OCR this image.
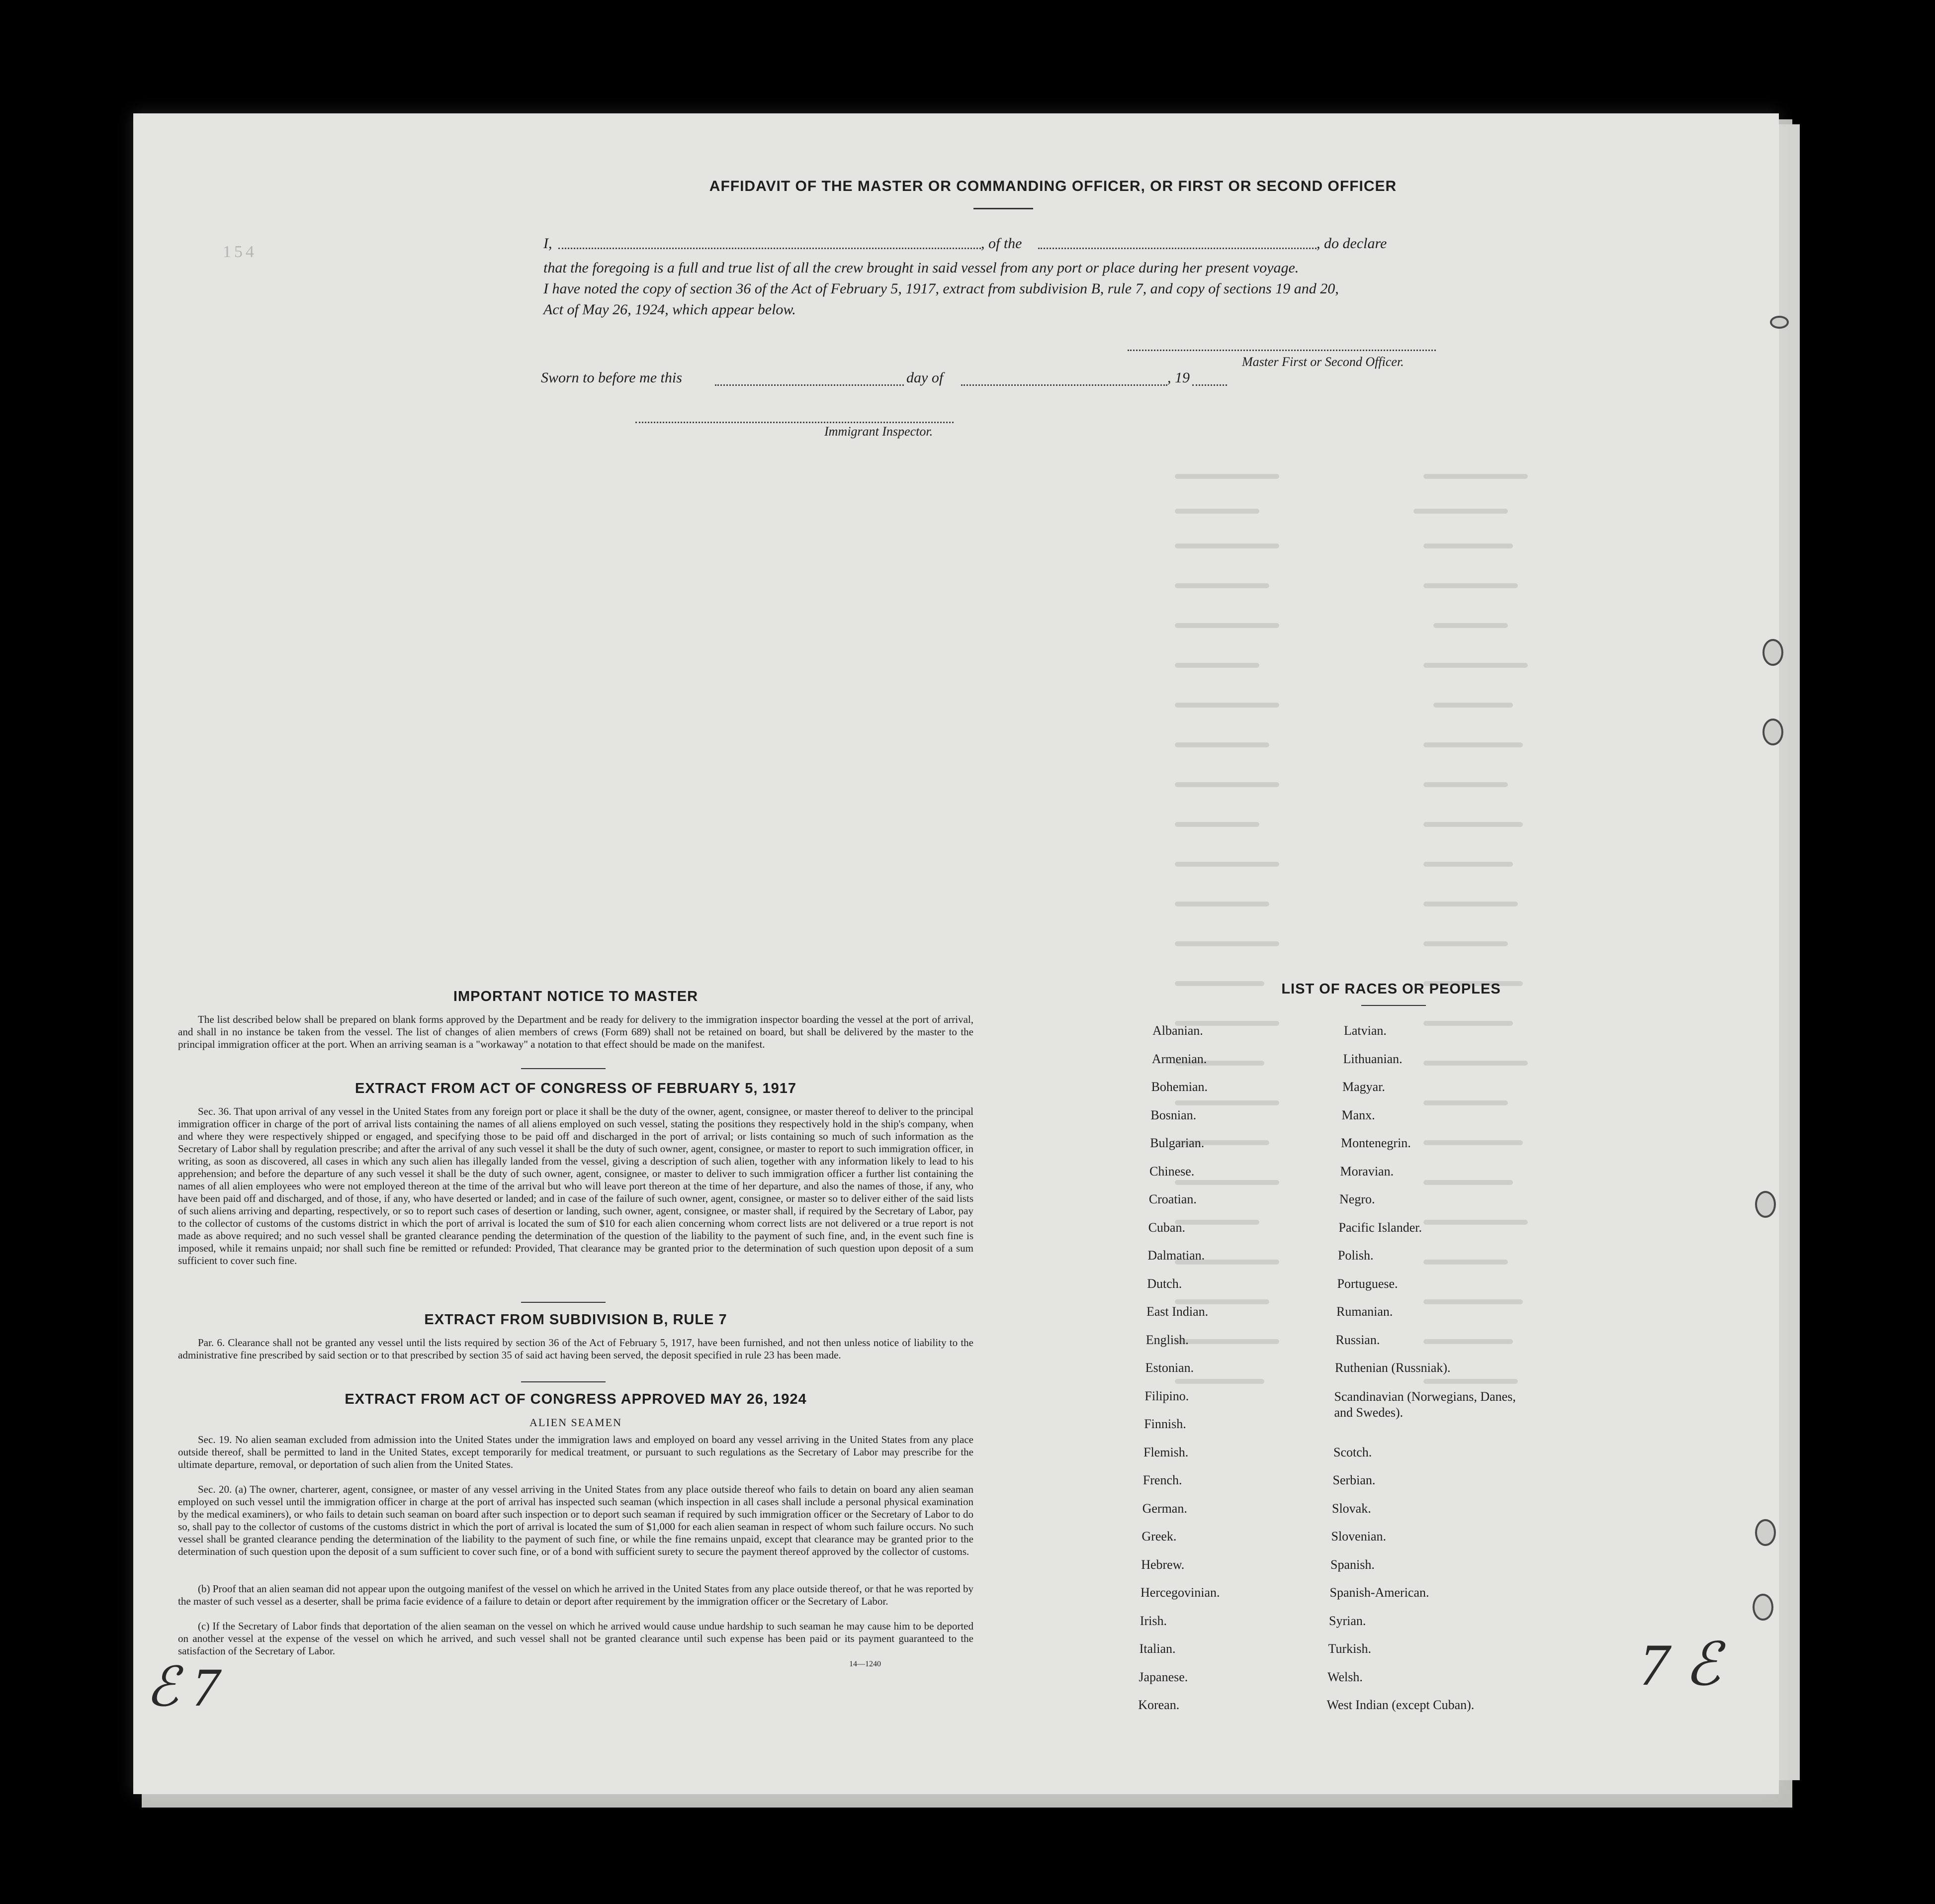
AFFIDAVIT OF THE MASTER OR COMMANDING OFFICER, OR FIRST OR SECOND OFFICER
154	I,	, of the	, do declare
that the foregoing is a full and true list of all the crew brought in said vessel from any port or place during her present voyage.
I have noted the copy of section 36 of the Act of February 5, 1917, extract from subdivision B, rule 7, and copy of sections 19 and 20,
Act of May 26, 1924, which appear below.
Master First or Second Officer.
Sworn to before me this	day of	, 19
Immigrant Inspector.
IMPORTANT NOTICE TO MASTER
The list described below shall be prepared on blank forms approved by the Department and be ready for delivery to the immigration inspector boarding the vessel at the port of arrival, and shall in no instance be taken from the vessel. The list of changes of alien members of crews (Form 689) shall not be retained on board, but shall be delivered by the master to the principal immigration officer at the port. When an arriving seaman is a "workaway" a notation to that effect should be made on the manifest.
EXTRACT FROM ACT OF CONGRESS OF FEBRUARY 5, 1917
Sec. 36. That upon arrival of any vessel in the United States from any foreign port or place it shall be the duty of the owner, agent, consignee, or master thereof to deliver to the principal immigration officer in charge of the port of arrival lists containing the names of all aliens employed on such vessel, stating the positions they respectively hold in the ship's company, when and where they were respectively shipped or engaged, and specifying those to be paid off and discharged in the port of arrival; or lists containing so much of such information as the Secretary of Labor shall by regulation prescribe; and after the arrival of any such vessel it shall be the duty of such owner, agent, consignee, or master to report to such immigration officer, in writing, as soon as discovered, all cases in which any such alien has illegally landed from the vessel, giving a description of such alien, together with any information likely to lead to his apprehension; and before the departure of any such vessel it shall be the duty of such owner, agent, consignee, or master to deliver to such immigration officer a further list containing the names of all alien employees who were not employed thereon at the time of the arrival but who will leave port thereon at the time of her departure, and also the names of those, if any, who have been paid off and discharged, and of those, if any, who have deserted or landed; and in case of the failure of such owner, agent, consignee, or master so to deliver either of the said lists of such aliens arriving and departing, respectively, or so to report such cases of desertion or landing, such owner, agent, consignee, or master shall, if required by the Secretary of Labor, pay to the collector of customs of the customs district in which the port of arrival is located the sum of $10 for each alien concerning whom correct lists are not delivered or a true report is not made as above required; and no such vessel shall be granted clearance pending the determination of the question of the liability to the payment of such fine, and, in the event such fine is imposed, while it remains unpaid; nor shall such fine be remitted or refunded: Provided, That clearance may be granted prior to the determination of such question upon deposit of a sum sufficient to cover such fine.
EXTRACT FROM SUBDIVISION B, RULE 7
Par. 6. Clearance shall not be granted any vessel until the lists required by section 36 of the Act of February 5, 1917, have been furnished, and not then unless notice of liability to the administrative fine prescribed by said section or to that prescribed by section 35 of said act having been served, the deposit specified in rule 23 has been made.
EXTRACT FROM ACT OF CONGRESS APPROVED MAY 26, 1924
ALIEN SEAMEN
Sec. 19. No alien seaman excluded from admission into the United States under the immigration laws and employed on board any vessel arriving in the United States from any place outside thereof, shall be permitted to land in the United States, except temporarily for medical treatment, or pursuant to such regulations as the Secretary of Labor may prescribe for the ultimate departure, removal, or deportation of such alien from the United States.
Sec. 20. (a) The owner, charterer, agent, consignee, or master of any vessel arriving in the United States from any place outside thereof who fails to detain on board any alien seaman employed on such vessel until the immigration officer in charge at the port of arrival has inspected such seaman (which inspection in all cases shall include a personal physical examination by the medical examiners), or who fails to detain such seaman on board after such inspection or to deport such seaman if required by such immigration officer or the Secretary of Labor to do so, shall pay to the collector of customs of the customs district in which the port of arrival is located the sum of $1,000 for each alien seaman in respect of whom such failure occurs. No such vessel shall be granted clearance pending the determination of the liability to the payment of such fine, or while the fine remains unpaid, except that clearance may be granted prior to the determination of such question upon the deposit of a sum sufficient to cover such fine, or of a bond with sufficient surety to secure the payment thereof approved by the collector of customs.
(b) Proof that an alien seaman did not appear upon the outgoing manifest of the vessel on which he arrived in the United States from any place outside thereof, or that he was reported by the master of such vessel as a deserter, shall be prima facie evidence of a failure to detain or deport after requirement by the immigration officer or the Secretary of Labor.
(c) If the Secretary of Labor finds that deportation of the alien seaman on the vessel on which he arrived would cause undue hardship to such seaman he may cause him to be deported on another vessel at the expense of the vessel on which he arrived, and such vessel shall not be granted clearance until such expense has been paid or its payment guaranteed to the satisfaction of the Secretary of Labor.
14—1240
LIST OF RACES OR PEOPLES
ℰ 7	7 ℰ
Albanian.
Armenian.
Bohemian.
Bosnian.
Bulgarian.
Chinese.
Croatian.
Cuban.
Dalmatian.
Dutch.
East Indian.
English.
Estonian.
Filipino.
Finnish.
Flemish.
French.
German.
Greek.
Hebrew.
Hercegovinian.
Irish.
Italian.
Japanese.
Korean.
Latvian.
Lithuanian.
Magyar.
Manx.
Montenegrin.
Moravian.
Negro.
Pacific Islander.
Polish.
Portuguese.
Rumanian.
Russian.
Ruthenian (Russniak).
Scandinavian (Norwegians, Danes, and Swedes).
Scotch.
Serbian.
Slovak.
Slovenian.
Spanish.
Spanish-American.
Syrian.
Turkish.
Welsh.
West Indian (except Cuban).
